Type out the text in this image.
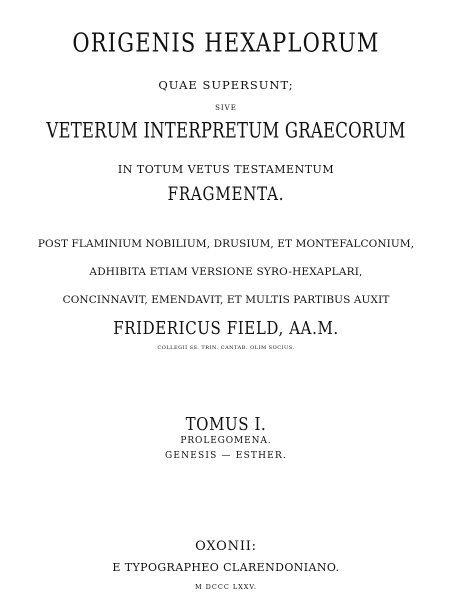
ORIGENIS HEXAPLORUM
QUAE SUPERSUNT;
SIVE
VETERUM INTERPRETUM GRAECORUM
IN TOTUM VETUS TESTAMENTUM
FRAGMENTA.
POST FLAMINIUM NOBILIUM, DRUSIUM, ET MONTEFALCONIUM,
ADHIBITA ETIAM VERSIONE SYRO-HEXAPLARI,
CONCINNAVIT, EMENDAVIT, ET MULTIS PARTIBUS AUXIT
FRIDERICUS FIELD, AA.M.
COLLEGII SS. TRIN. CANTAB. OLIM SOCIUS.
TOMUS I.
PROLEGOMENA.
GENESIS — ESTHER.
OXONII:
E TYPOGRAPHEO CLARENDONIANO.
M DCCC LXXV.
